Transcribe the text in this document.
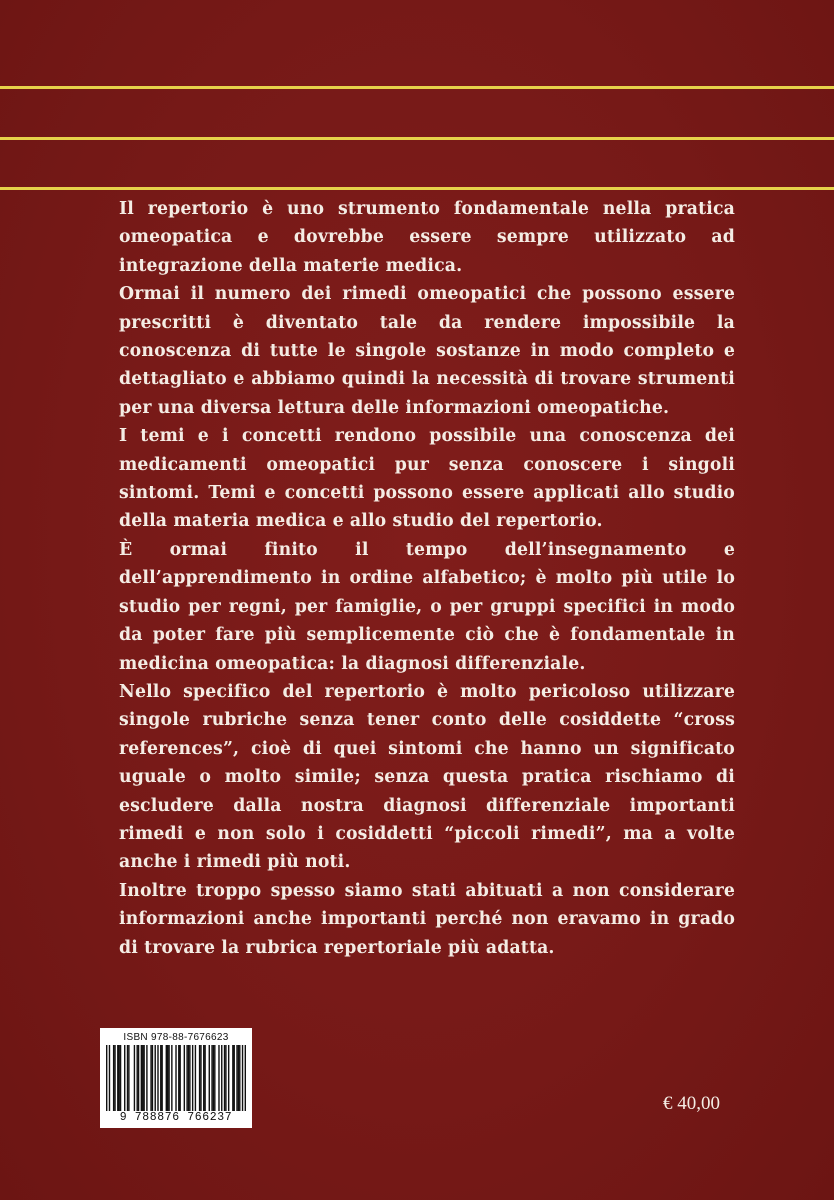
Il repertorio è uno strumento fondamentale nella pratica omeopatica e dovrebbe essere sempre utilizzato ad integrazione della materie medica.

Ormai il numero dei rimedi omeopatici che possono essere prescritti è diventato tale da rendere impossibile la conoscenza di tutte le singole sostanze in modo completo e dettagliato e abbiamo quindi la necessità di trovare strumenti per una diversa lettura delle informazioni omeopatiche.

I temi e i concetti rendono possibile una conoscenza dei medicamenti omeopatici pur senza conoscere i singoli sintomi. Temi e concetti possono essere applicati allo studio della materia medica e allo studio del repertorio.

È ormai finito il tempo dell’insegnamento e dell’apprendimento in ordine alfabetico; è molto più utile lo studio per regni, per famiglie, o per gruppi specifici in modo da poter fare più semplicemente ciò che è fondamentale in medicina omeopatica: la diagnosi differenziale.

Nello specifico del repertorio è molto pericoloso utilizzare singole rubriche senza tener conto delle cosiddette “cross references”, cioè di quei sintomi che hanno un significato uguale o molto simile; senza questa pratica rischiamo di escludere dalla nostra diagnosi differenziale importanti rimedi e non solo i cosiddetti “piccoli rimedi”, ma a volte anche i rimedi più noti.

Inoltre troppo spesso siamo stati abituati a non considerare informazioni anche importanti perché non eravamo in grado di trovare la rubrica repertoriale più adatta.

ISBN 978-88-7676623
9 788876 766237
€ 40,00
